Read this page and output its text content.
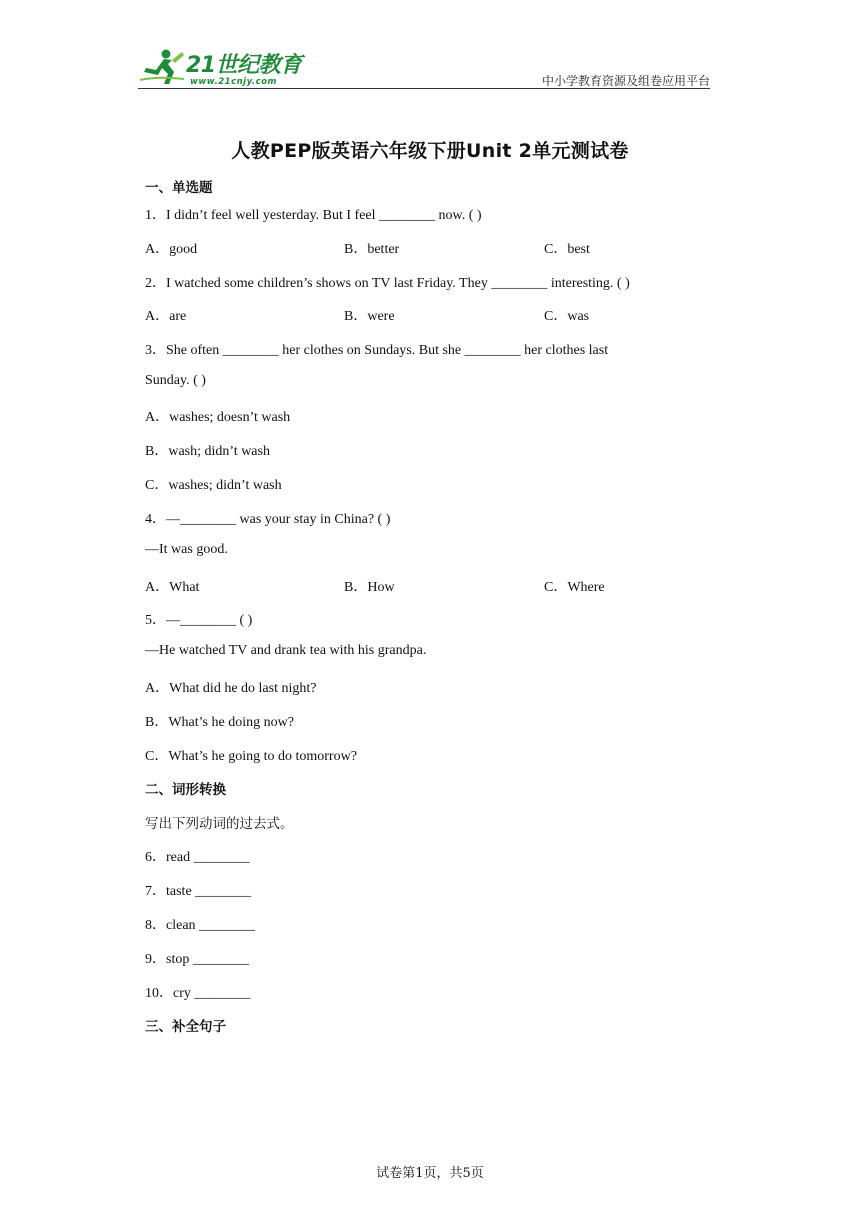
21世纪教育
www.21cnjy.com	中小学教育资源及组卷应用平台
人教PEP版英语六年级下册Unit 2单元测试卷
一、单选题
1．I didn’t feel well yesterday. But I feel ________ now. ( )
A．good	B．better	C．best
2．I watched some children’s shows on TV last Friday. They ________ interesting. ( )
A．are	B．were	C．was
3．She often ________ her clothes on Sundays. But she ________ her clothes last
Sunday. ( )
A．washes; doesn’t wash
B．wash; didn’t wash
C．washes; didn’t wash
4．—________ was your stay in China? ( )
—It was good.
A．What	B．How	C．Where
5．—________ ( )
—He watched TV and drank tea with his grandpa.
A．What did he do last night?
B．What’s he doing now?
C．What’s he going to do tomorrow?
二、词形转换
写出下列动词的过去式。
6．read ________
7．taste ________
8．clean ________
9．stop ________
10．cry ________
三、补全句子
试卷第1页，共5页
